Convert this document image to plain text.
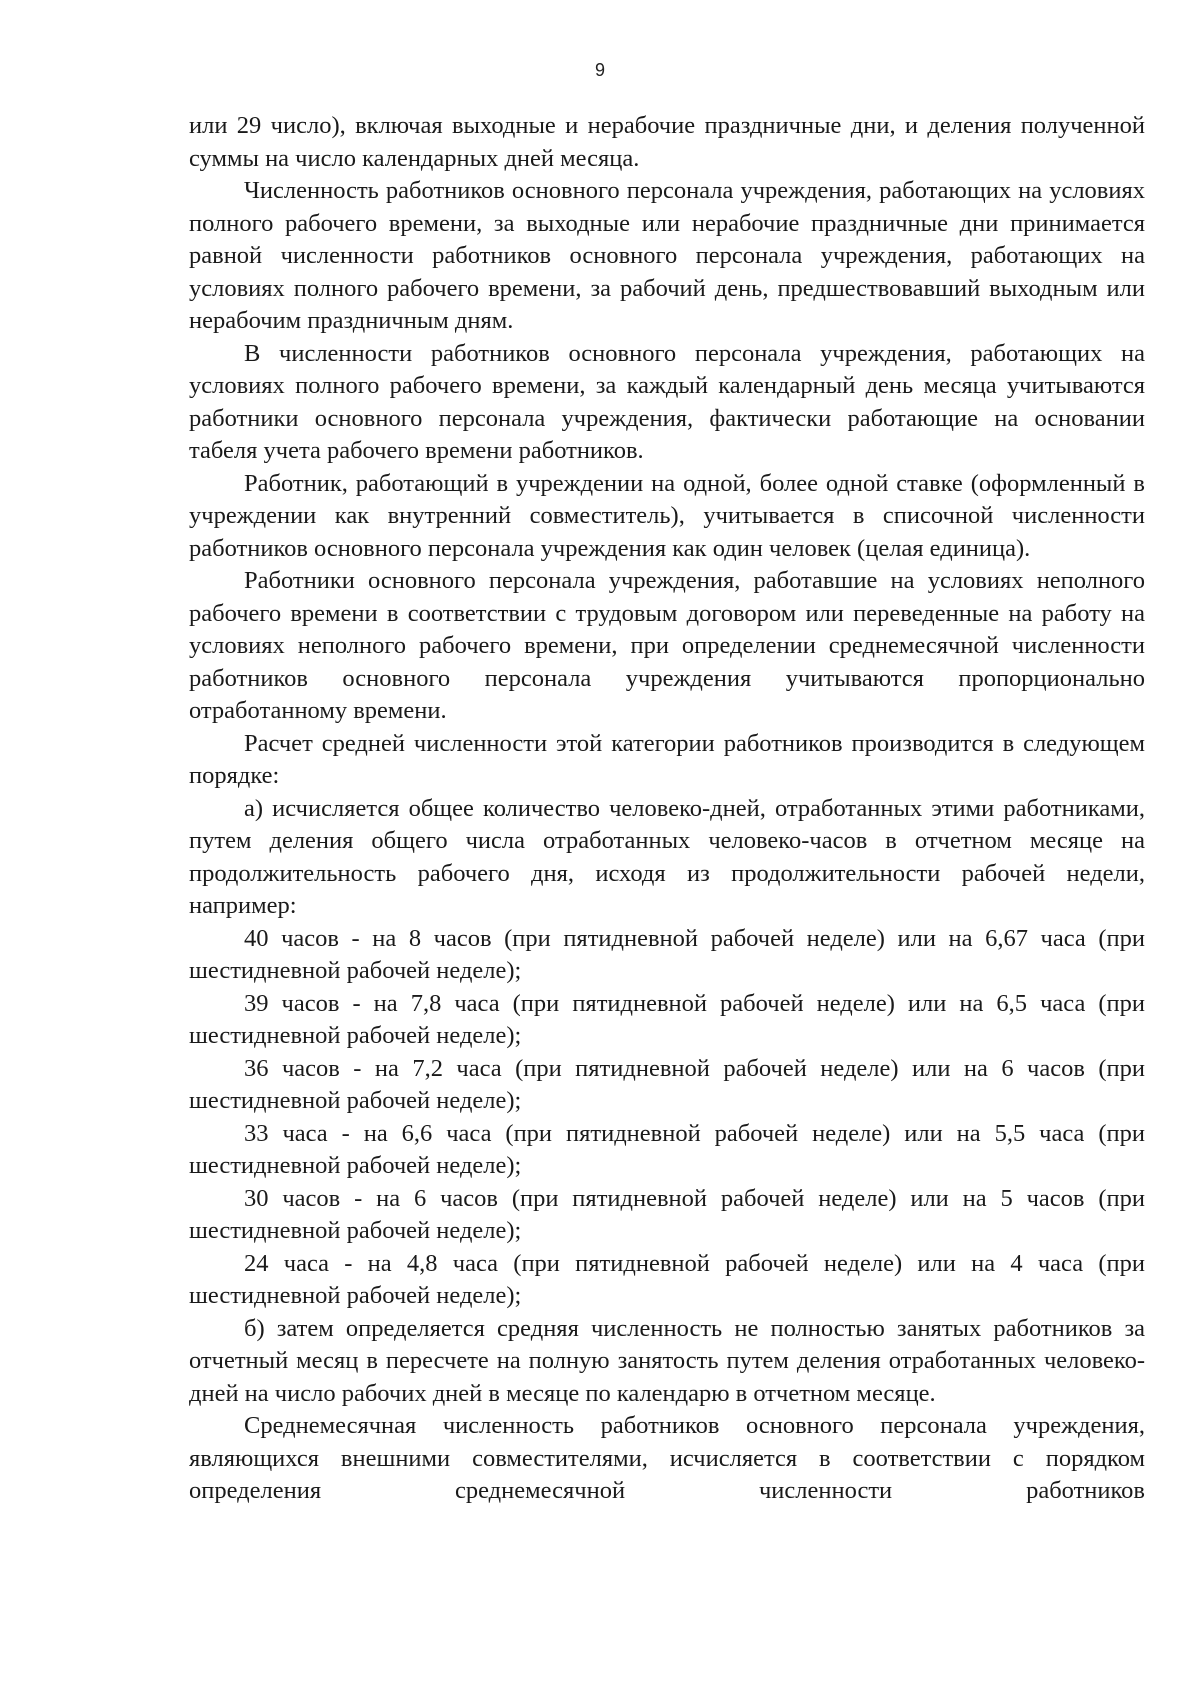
9

или 29 число), включая выходные и нерабочие праздничные дни, и деления полученной суммы на число календарных дней месяца.

Численность работников основного персонала учреждения, работающих на условиях полного рабочего времени, за выходные или нерабочие праздничные дни принимается равной численности работников основного персонала учреждения, работающих на условиях полного рабочего времени, за рабочий день, предшествовавший выходным или нерабочим праздничным дням.

В численности работников основного персонала учреждения, работающих на условиях полного рабочего времени, за каждый календарный день месяца учитываются работники основного персонала учреждения, фактически работающие на основании табеля учета рабочего времени работников.

Работник, работающий в учреждении на одной, более одной ставке (оформленный в учреждении как внутренний совместитель), учитывается в списочной численности работников основного персонала учреждения как один человек (целая единица).

Работники основного персонала учреждения, работавшие на условиях неполного рабочего времени в соответствии с трудовым договором или переведенные на работу на условиях неполного рабочего времени, при определении среднемесячной численности работников основного персонала учреждения учитываются пропорционально отработанному времени.

Расчет средней численности этой категории работников производится в следующем порядке:

а) исчисляется общее количество человеко-дней, отработанных этими работниками, путем деления общего числа отработанных человеко-часов в отчетном месяце на продолжительность рабочего дня, исходя из продолжительности рабочей недели, например:

40 часов - на 8 часов (при пятидневной рабочей неделе) или на 6,67 часа (при шестидневной рабочей неделе);

39 часов - на 7,8 часа (при пятидневной рабочей неделе) или на 6,5 часа (при шестидневной рабочей неделе);

36 часов - на 7,2 часа (при пятидневной рабочей неделе) или на 6 часов (при шестидневной рабочей неделе);

33 часа - на 6,6 часа (при пятидневной рабочей неделе) или на 5,5 часа (при шестидневной рабочей неделе);

30 часов - на 6 часов (при пятидневной рабочей неделе) или на 5 часов (при шестидневной рабочей неделе);

24 часа - на 4,8 часа (при пятидневной рабочей неделе) или на 4 часа (при шестидневной рабочей неделе);

б) затем определяется средняя численность не полностью занятых работников за отчетный месяц в пересчете на полную занятость путем деления отработанных человеко-дней на число рабочих дней в месяце по календарю в отчетном месяце.

Среднемесячная численность работников основного персонала учреждения, являющихся внешними совместителями, исчисляется в соответствии с порядком определения среднемесячной численности работников
